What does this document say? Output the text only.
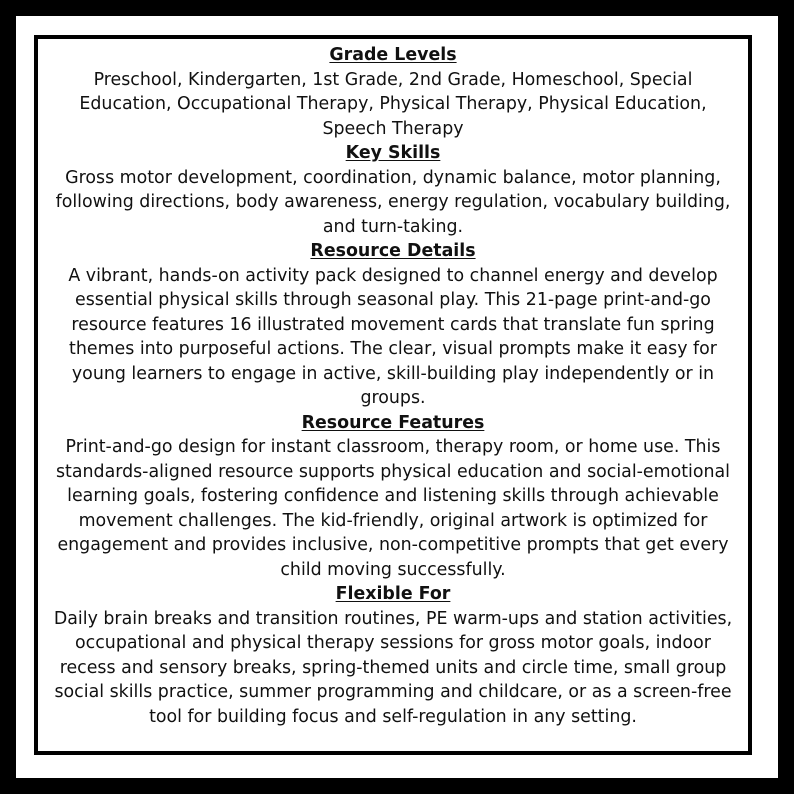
Grade Levels

Preschool, Kindergarten, 1st Grade, 2nd Grade, Homeschool, Special Education, Occupational Therapy, Physical Therapy, Physical Education, Speech Therapy

Key Skills

Gross motor development, coordination, dynamic balance, motor planning, following directions, body awareness, energy regulation, vocabulary building, and turn-taking.

Resource Details

A vibrant, hands-on activity pack designed to channel energy and develop essential physical skills through seasonal play. This 21-page print-and-go resource features 16 illustrated movement cards that translate fun spring themes into purposeful actions. The clear, visual prompts make it easy for young learners to engage in active, skill-building play independently or in groups.

Resource Features

Print-and-go design for instant classroom, therapy room, or home use. This standards-aligned resource supports physical education and social-emotional learning goals, fostering confidence and listening skills through achievable movement challenges. The kid-friendly, original artwork is optimized for engagement and provides inclusive, non-competitive prompts that get every child moving successfully.

Flexible For

Daily brain breaks and transition routines, PE warm-ups and station activities, occupational and physical therapy sessions for gross motor goals, indoor recess and sensory breaks, spring-themed units and circle time, small group social skills practice, summer programming and childcare, or as a screen-free tool for building focus and self-regulation in any setting.
